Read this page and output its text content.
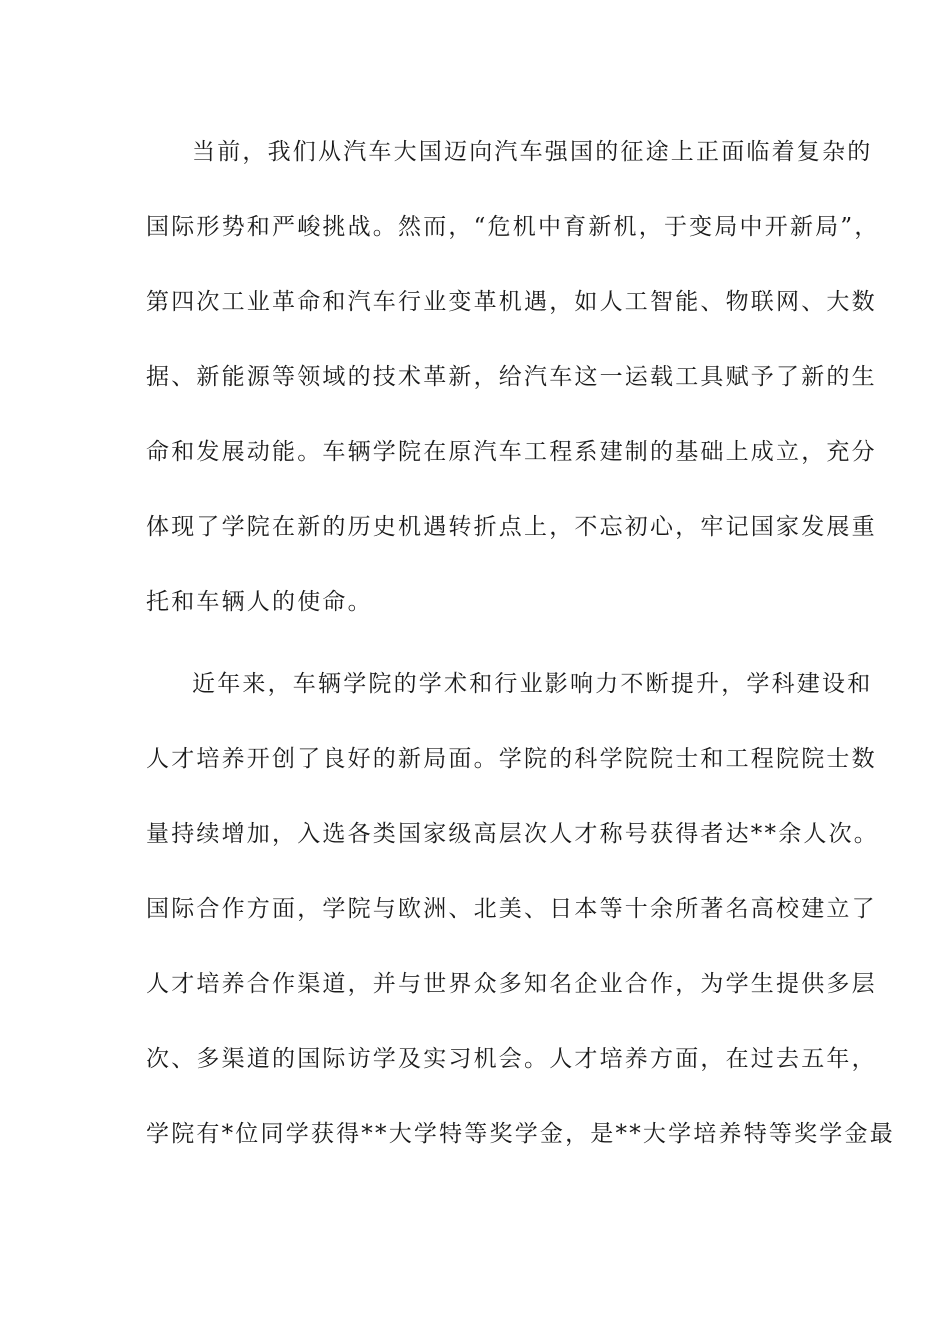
当前，我们从汽车大国迈向汽车强国的征途上正面临着复杂的
国际形势和严峻挑战。然而，“危机中育新机，于变局中开新局”，
第四次工业革命和汽车行业变革机遇，如人工智能、物联网、大数
据、新能源等领域的技术革新，给汽车这一运载工具赋予了新的生
命和发展动能。车辆学院在原汽车工程系建制的基础上成立，充分
体现了学院在新的历史机遇转折点上，不忘初心，牢记国家发展重
托和车辆人的使命。
近年来，车辆学院的学术和行业影响力不断提升，学科建设和
人才培养开创了良好的新局面。学院的科学院院士和工程院院士数
量持续增加，入选各类国家级高层次人才称号获得者达**余人次。
国际合作方面，学院与欧洲、北美、日本等十余所著名高校建立了
人才培养合作渠道，并与世界众多知名企业合作，为学生提供多层
次、多渠道的国际访学及实习机会。人才培养方面，在过去五年，
学院有*位同学获得**大学特等奖学金，是**大学培养特等奖学金最
